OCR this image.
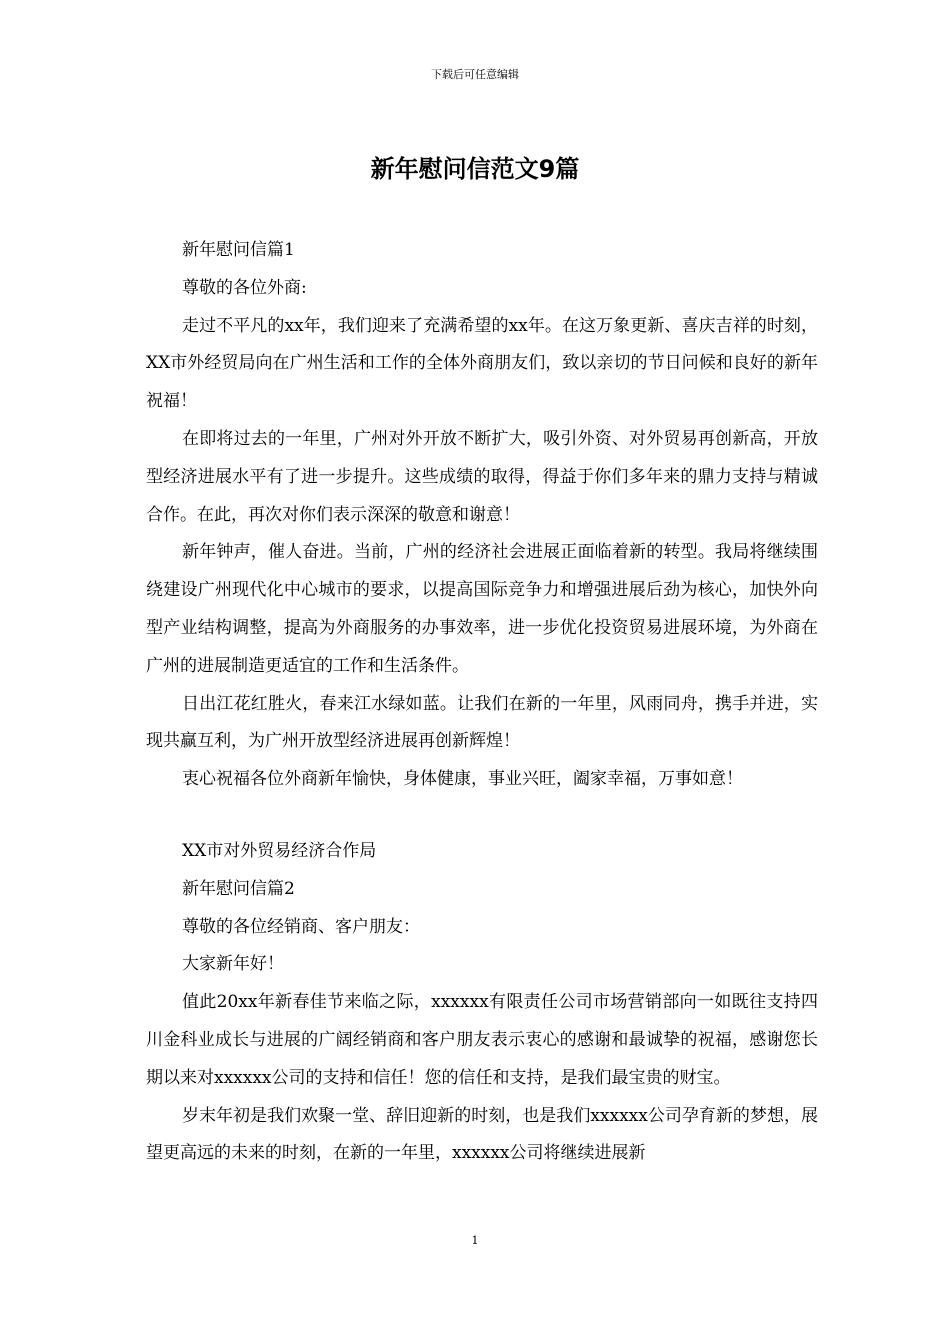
下载后可任意编辑
新年慰问信范文9篇

新年慰问信篇1

尊敬的各位外商:

走过不平凡的xx年，我们迎来了充满希望的xx年。在这万象更新、喜庆吉祥的时刻，XX市外经贸局向在广州生活和工作的全体外商朋友们，致以亲切的节日问候和良好的新年祝福！

在即将过去的一年里，广州对外开放不断扩大，吸引外资、对外贸易再创新高，开放型经济进展水平有了进一步提升。这些成绩的取得，得益于你们多年来的鼎力支持与精诚合作。在此，再次对你们表示深深的敬意和谢意！

新年钟声，催人奋进。当前，广州的经济社会进展正面临着新的转型。我局将继续围绕建设广州现代化中心城市的要求，以提高国际竞争力和增强进展后劲为核心，加快外向型产业结构调整，提高为外商服务的办事效率，进一步优化投资贸易进展环境，为外商在广州的进展制造更适宜的工作和生活条件。

日出江花红胜火，春来江水绿如蓝。让我们在新的一年里，风雨同舟，携手并进，实现共赢互利，为广州开放型经济进展再创新辉煌！

衷心祝福各位外商新年愉快，身体健康，事业兴旺，阖家幸福，万事如意！

XX市对外贸易经济合作局

新年慰问信篇2

尊敬的各位经销商、客户朋友：

大家新年好！

值此20xx年新春佳节来临之际，xxxxxx有限责任公司市场营销部向一如既往支持四川金科业成长与进展的广阔经销商和客户朋友表示衷心的感谢和最诚挚的祝福，感谢您长期以来对xxxxxx公司的支持和信任！您的信任和支持，是我们最宝贵的财宝。

岁末年初是我们欢聚一堂、辞旧迎新的时刻，也是我们xxxxxx公司孕育新的梦想，展望更高远的未来的时刻，在新的一年里，xxxxxx公司将继续进展新

1
